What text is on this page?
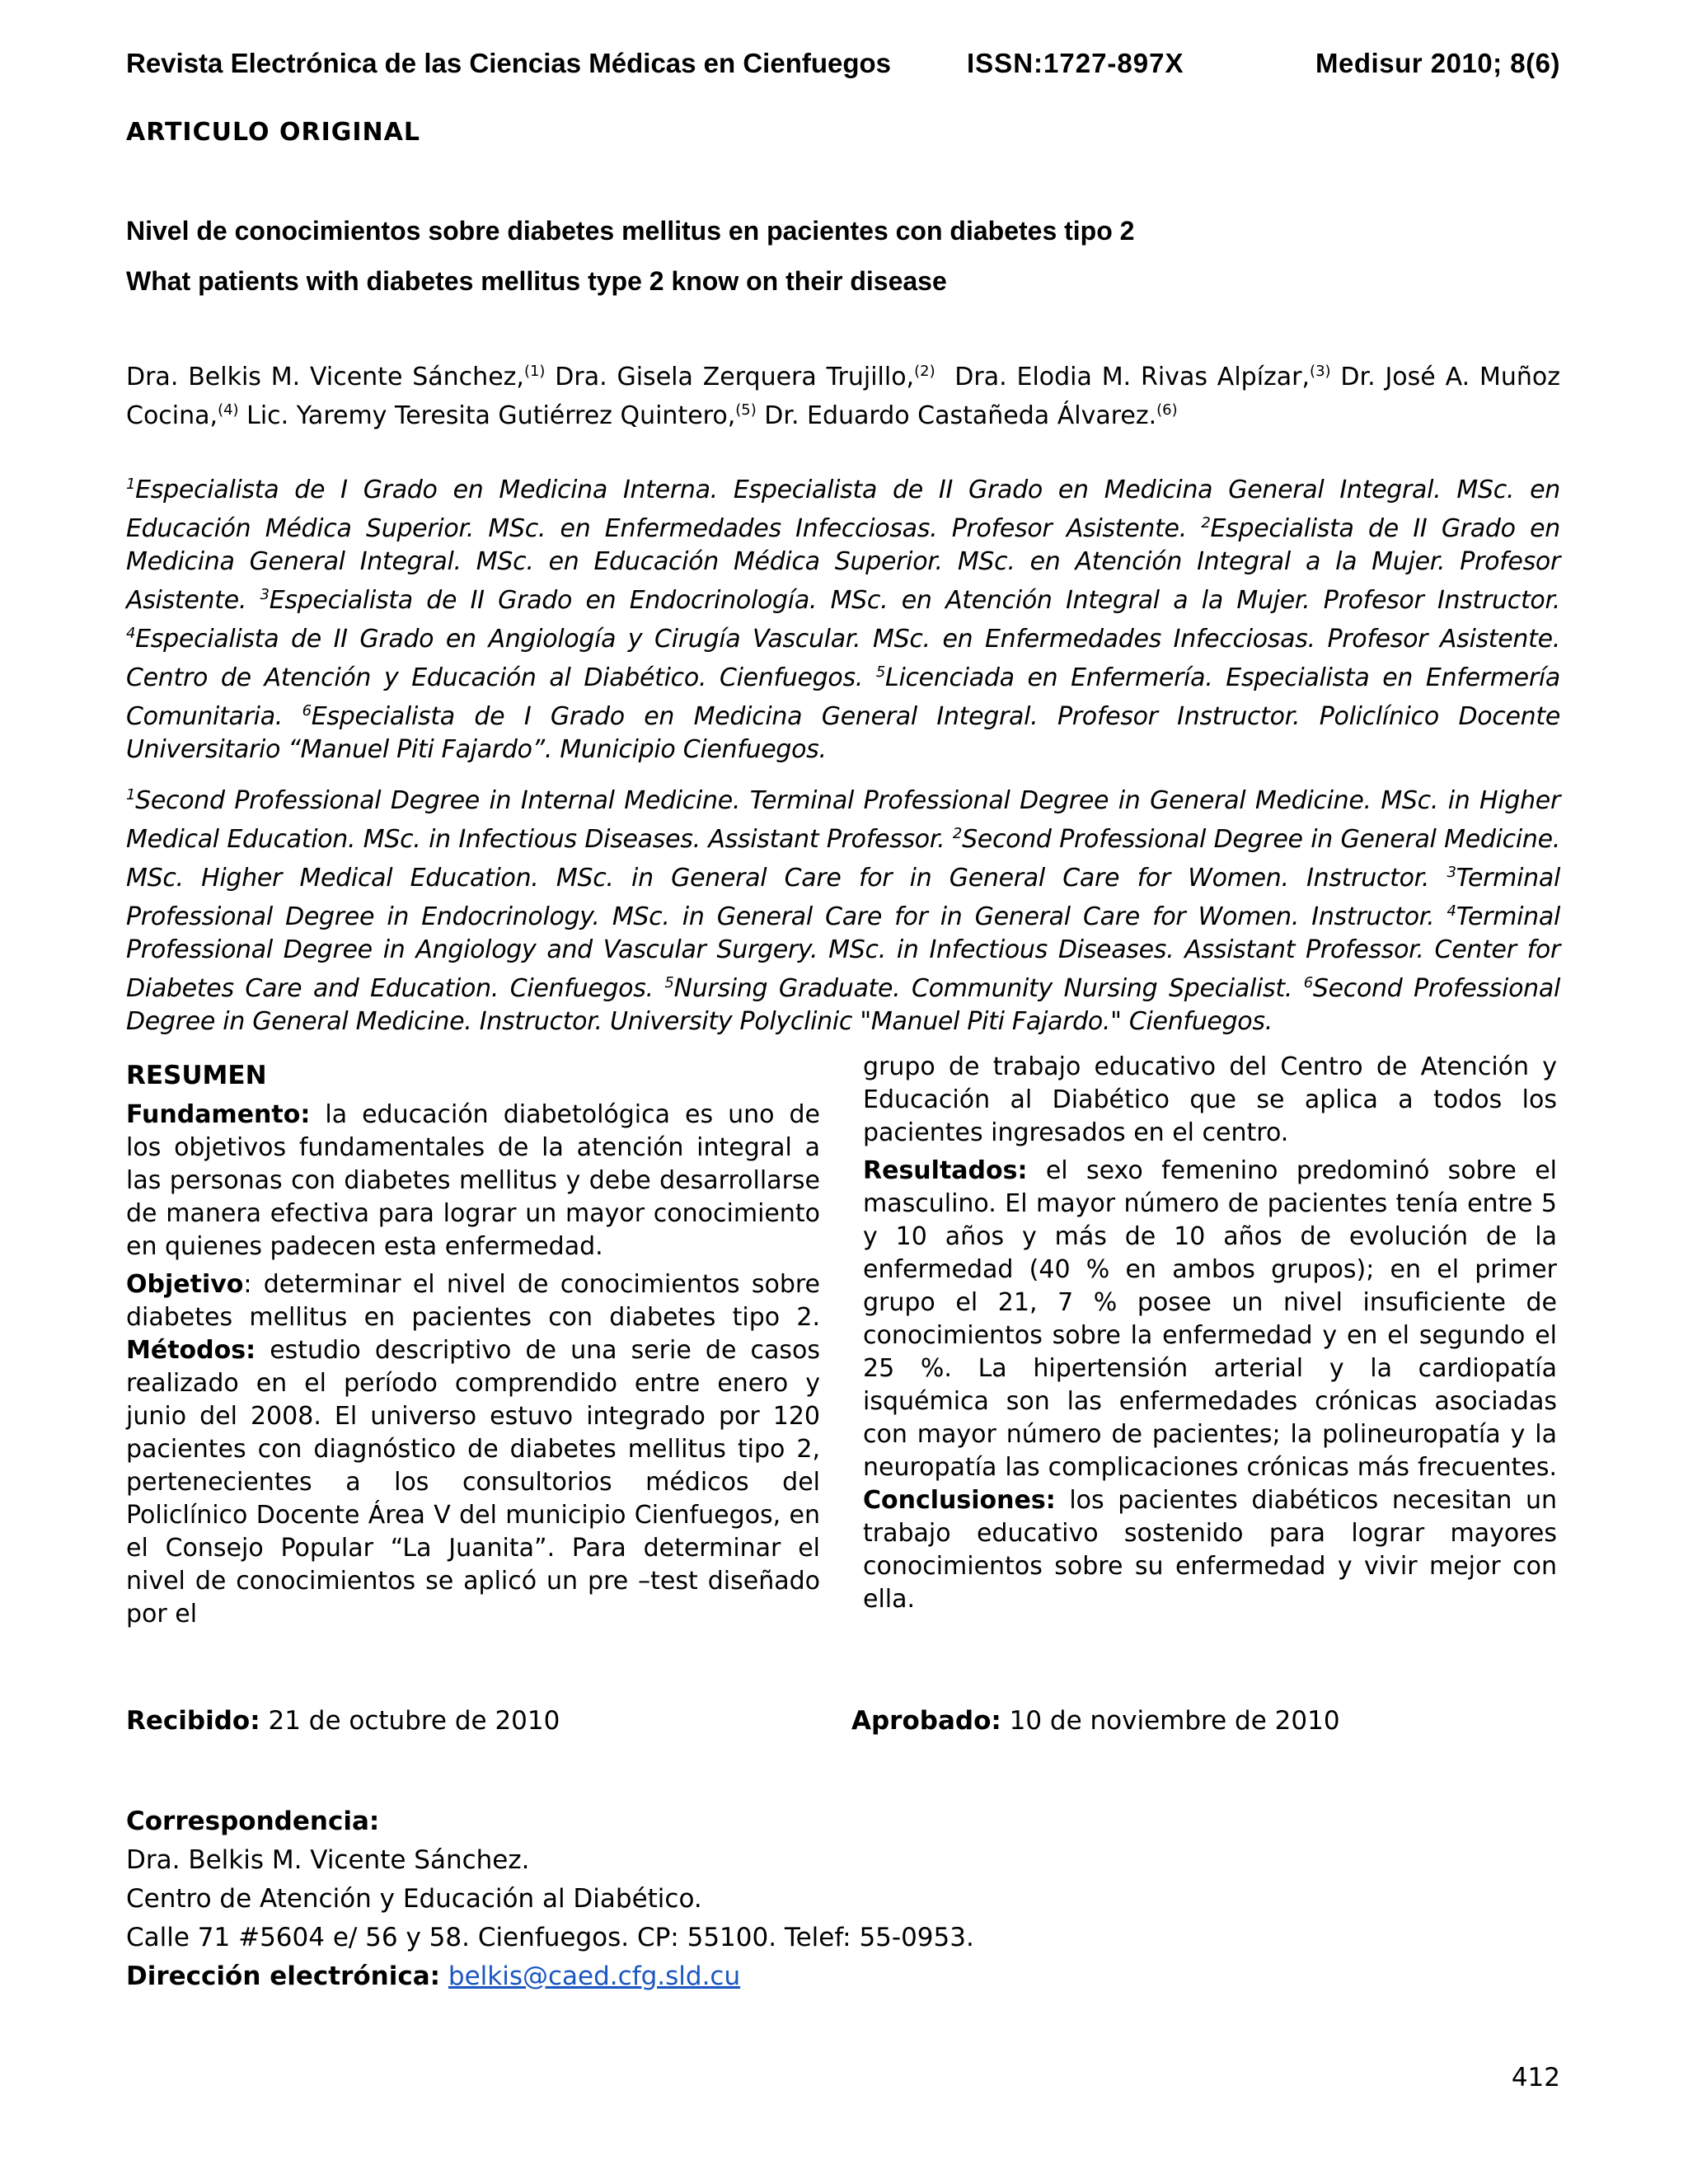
Revista Electrónica de las Ciencias Médicas en Cienfuegos	ISSN:1727-897X	Medisur 2010; 8(6)
ARTICULO ORIGINAL
Nivel de conocimientos sobre diabetes mellitus en pacientes con diabetes tipo 2
What patients with diabetes mellitus type 2 know on their disease
Dra. Belkis M. Vicente Sánchez,$^{(1)}$ Dra. Gisela Zerquera Trujillo,$^{(2)}$ Dra. Elodia M. Rivas Alpízar,$^{(3)}$ Dr. José A. Muñoz Cocina,$^{(4)}$ Lic. Yaremy Teresita Gutiérrez Quintero,$^{(5)}$ Dr. Eduardo Castañeda Álvarez.$^{(6)}$
$^1$Especialista de I Grado en Medicina Interna. Especialista de II Grado en Medicina General Integral. MSc. en Educación Médica Superior. MSc. en Enfermedades Infecciosas. Profesor Asistente. $^2$Especialista de II Grado en Medicina General Integral. MSc. en Educación Médica Superior. MSc. en Atención Integral a la Mujer. Profesor Asistente. $^3$Especialista de II Grado en Endocrinología. MSc. en Atención Integral a la Mujer. Profesor Instructor. $^4$Especialista de II Grado en Angiología y Cirugía Vascular. MSc. en Enfermedades Infecciosas. Profesor Asistente. Centro de Atención y Educación al Diabético. Cienfuegos. $^5$Licenciada en Enfermería. Especialista en Enfermería Comunitaria. $^6$Especialista de I Grado en Medicina General Integral. Profesor Instructor. Policlínico Docente Universitario “Manuel Piti Fajardo”. Municipio Cienfuegos.
$^1$Second Professional Degree in Internal Medicine. Terminal Professional Degree in General Medicine. MSc. in Higher Medical Education. MSc. in Infectious Diseases. Assistant Professor. $^2$Second Professional Degree in General Medicine. MSc. Higher Medical Education. MSc. in General Care for in General Care for Women. Instructor. $^3$Terminal Professional Degree in Endocrinology. MSc. in General Care for in General Care for Women. Instructor. $^4$Terminal Professional Degree in Angiology and Vascular Surgery. MSc. in Infectious Diseases. Assistant Professor. Center for Diabetes Care and Education. Cienfuegos. $^5$Nursing Graduate. Community Nursing Specialist. $^6$Second Professional Degree in General Medicine. Instructor. University Polyclinic "Manuel Piti Fajardo." Cienfuegos.
RESUMEN

Fundamento: la educación diabetológica es uno de los objetivos fundamentales de la atención integral a las personas con diabetes mellitus y debe desarrollarse de manera efectiva para lograr un mayor conocimiento en quienes padecen esta enfermedad.

Objetivo: determinar el nivel de conocimientos sobre diabetes mellitus en pacientes con diabetes tipo 2. Métodos: estudio descriptivo de una serie de casos realizado en el período comprendido entre enero y junio del 2008. El universo estuvo integrado por 120 pacientes con diagnóstico de diabetes mellitus tipo 2, pertenecientes a los consultorios médicos del Policlínico Docente Área V del municipio Cienfuegos, en el Consejo Popular “La Juanita”. Para determinar el nivel de conocimientos se aplicó un pre –test diseñado por el

grupo de trabajo educativo del Centro de Atención y Educación al Diabético que se aplica a todos los pacientes ingresados en el centro.

Resultados: el sexo femenino predominó sobre el masculino. El mayor número de pacientes tenía entre 5 y 10 años y más de 10 años de evolución de la enfermedad (40 % en ambos grupos); en el primer grupo el 21, 7 % posee un nivel insuficiente de conocimientos sobre la enfermedad y en el segundo el 25 %. La hipertensión arterial y la cardiopatía isquémica son las enfermedades crónicas asociadas con mayor número de pacientes; la polineuropatía y la neuropatía las complicaciones crónicas más frecuentes. Conclusiones: los pacientes diabéticos necesitan un trabajo educativo sostenido para lograr mayores conocimientos sobre su enfermedad y vivir mejor con ella.

Recibido: 21 de octubre de 2010	Aprobado: 10 de noviembre de 2010
Correspondencia:
Dra. Belkis M. Vicente Sánchez.
Centro de Atención y Educación al Diabético.
Calle 71 #5604 e/ 56 y 58. Cienfuegos. CP: 55100. Telef: 55-0953.
Dirección electrónica: belkis@caed.cfg.sld.cu
412
